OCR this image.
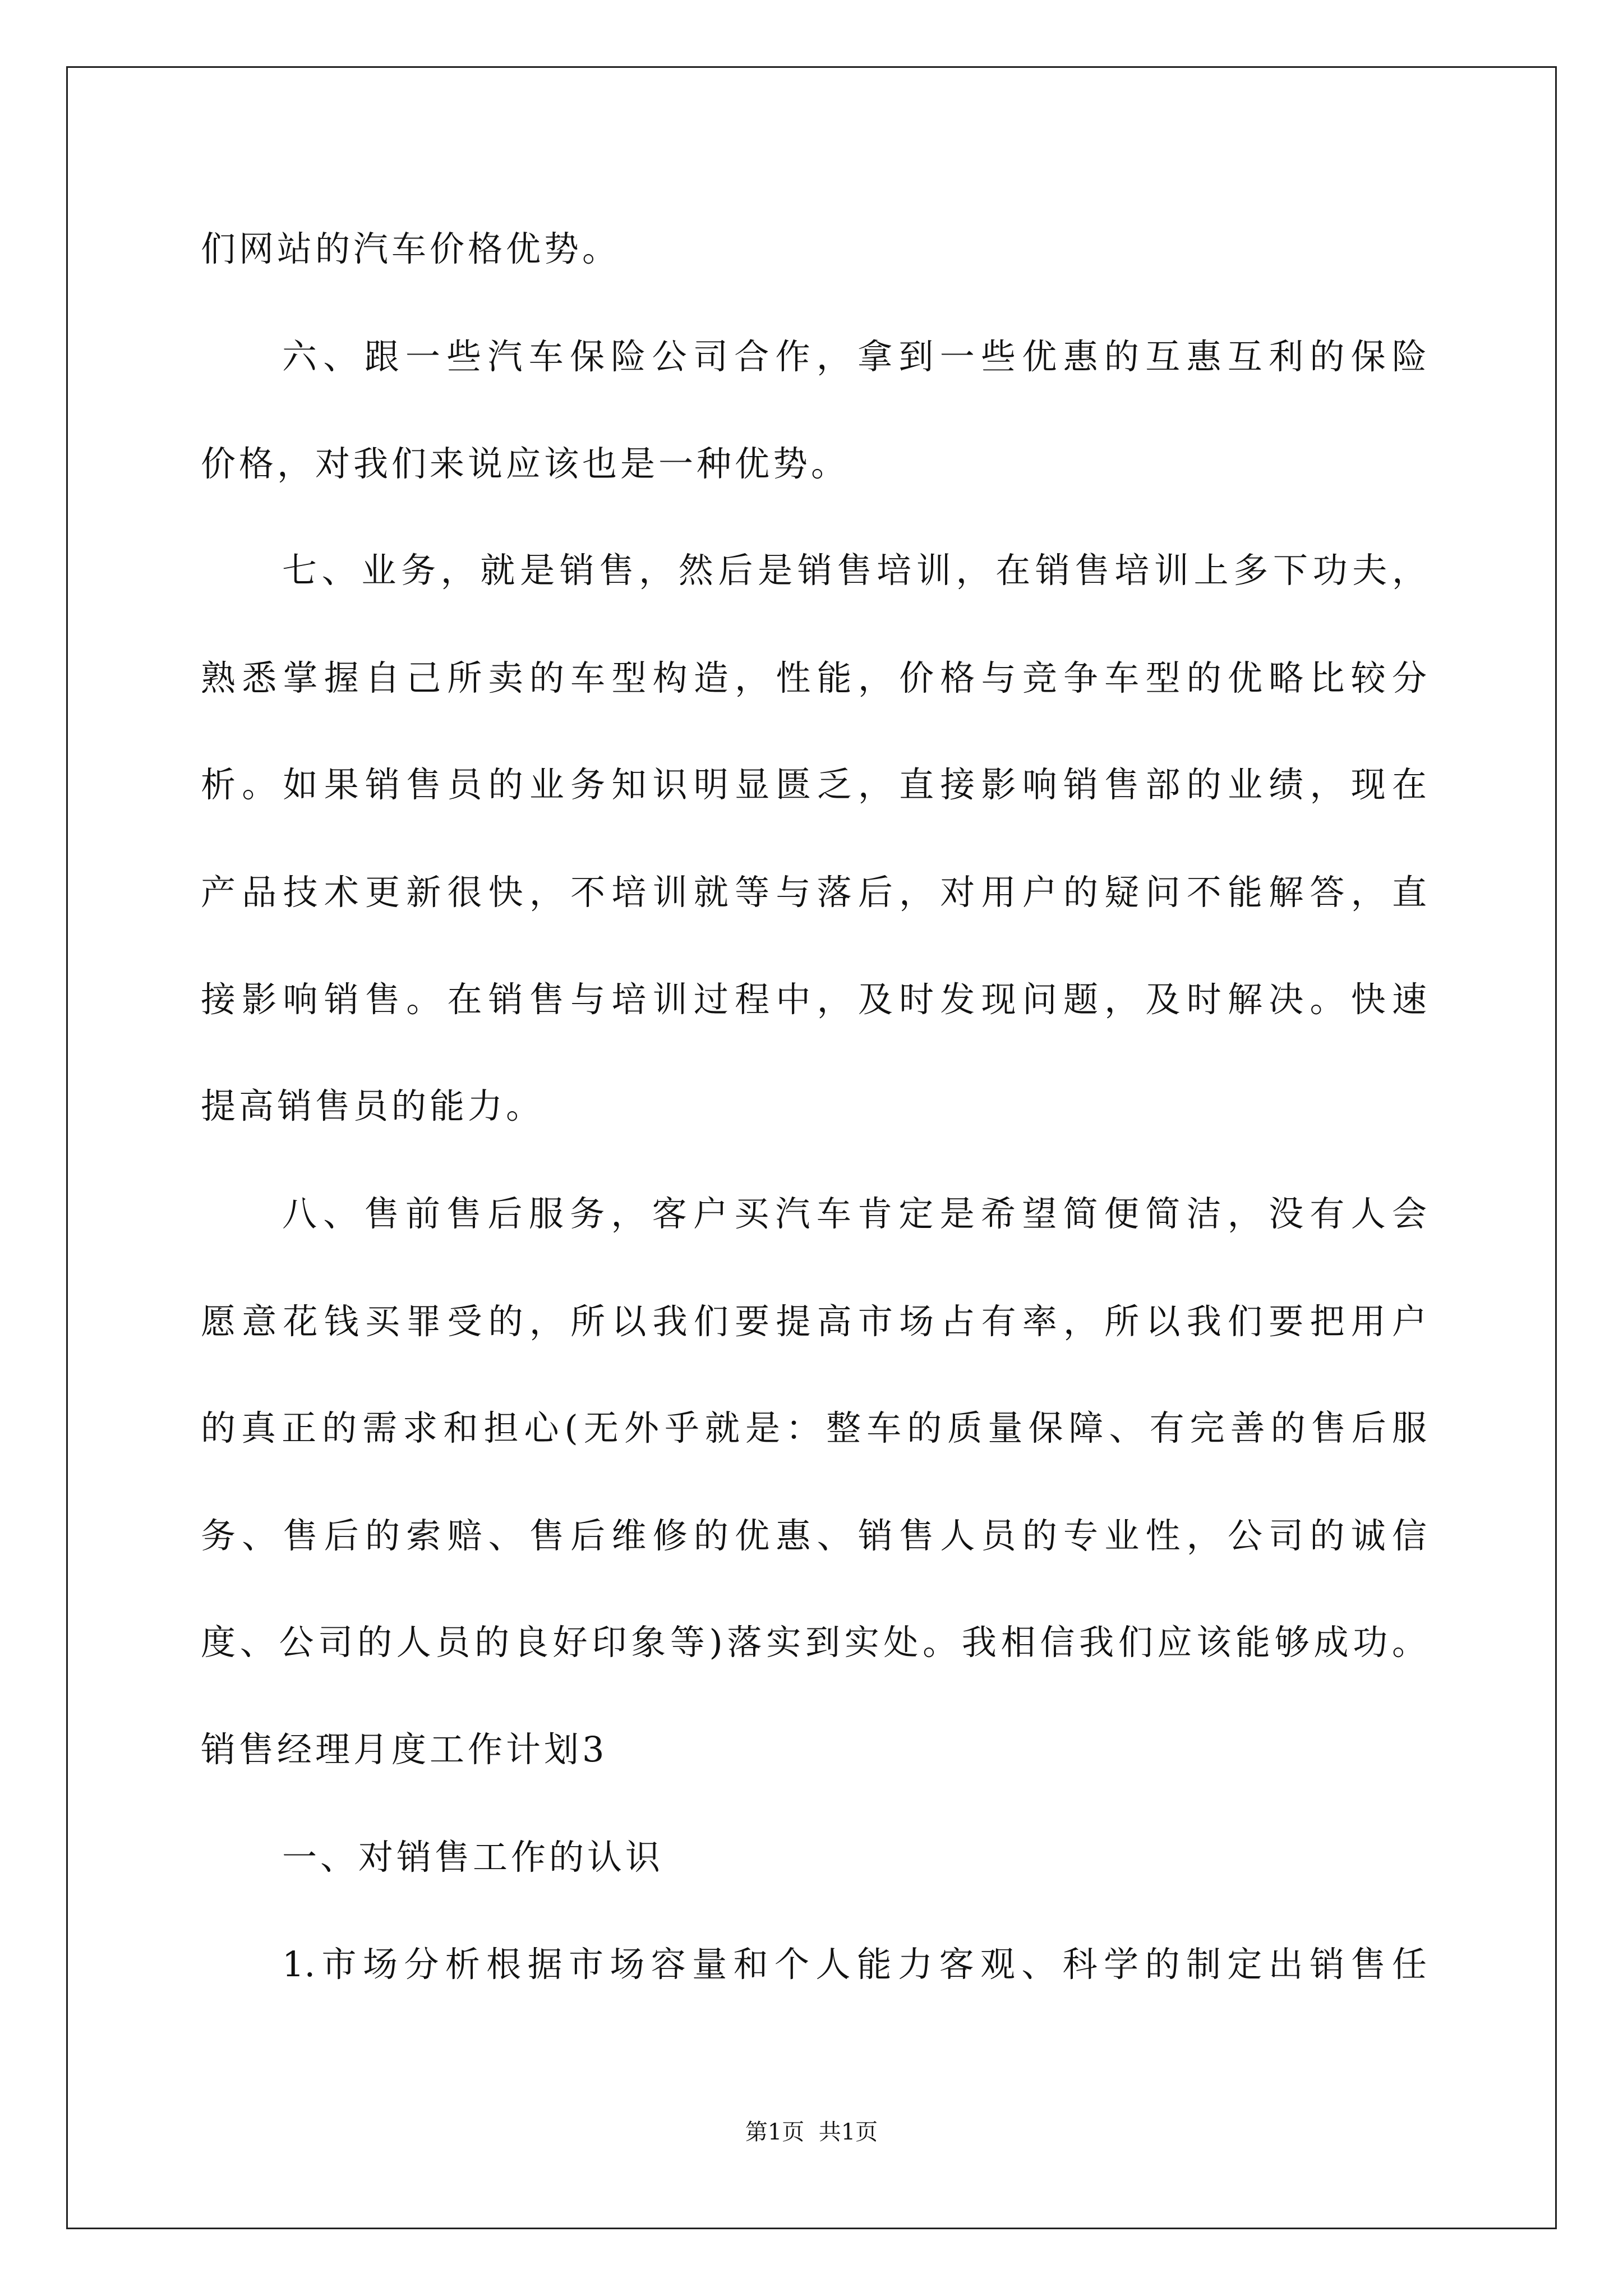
们网站的汽车价格优势。
六、跟一些汽车保险公司合作，拿到一些优惠的互惠互利的保险
价格，对我们来说应该也是一种优势。
七、业务，就是销售，然后是销售培训，在销售培训上多下功夫，
熟悉掌握自己所卖的车型构造，性能，价格与竞争车型的优略比较分
析。如果销售员的业务知识明显匮乏，直接影响销售部的业绩，现在
产品技术更新很快，不培训就等与落后，对用户的疑问不能解答，直
接影响销售。在销售与培训过程中，及时发现问题，及时解决。快速
提高销售员的能力。
八、售前售后服务，客户买汽车肯定是希望简便简洁，没有人会
愿意花钱买罪受的，所以我们要提高市场占有率，所以我们要把用户
的真正的需求和担心(无外乎就是：整车的质量保障、有完善的售后服
务、售后的索赔、售后维修的优惠、销售人员的专业性，公司的诚信
度、公司的人员的良好印象等)落实到实处。我相信我们应该能够成功。
销售经理月度工作计划3
一、对销售工作的认识
1.市场分析根据市场容量和个人能力客观、科学的制定出销售任
第1页  共1页
